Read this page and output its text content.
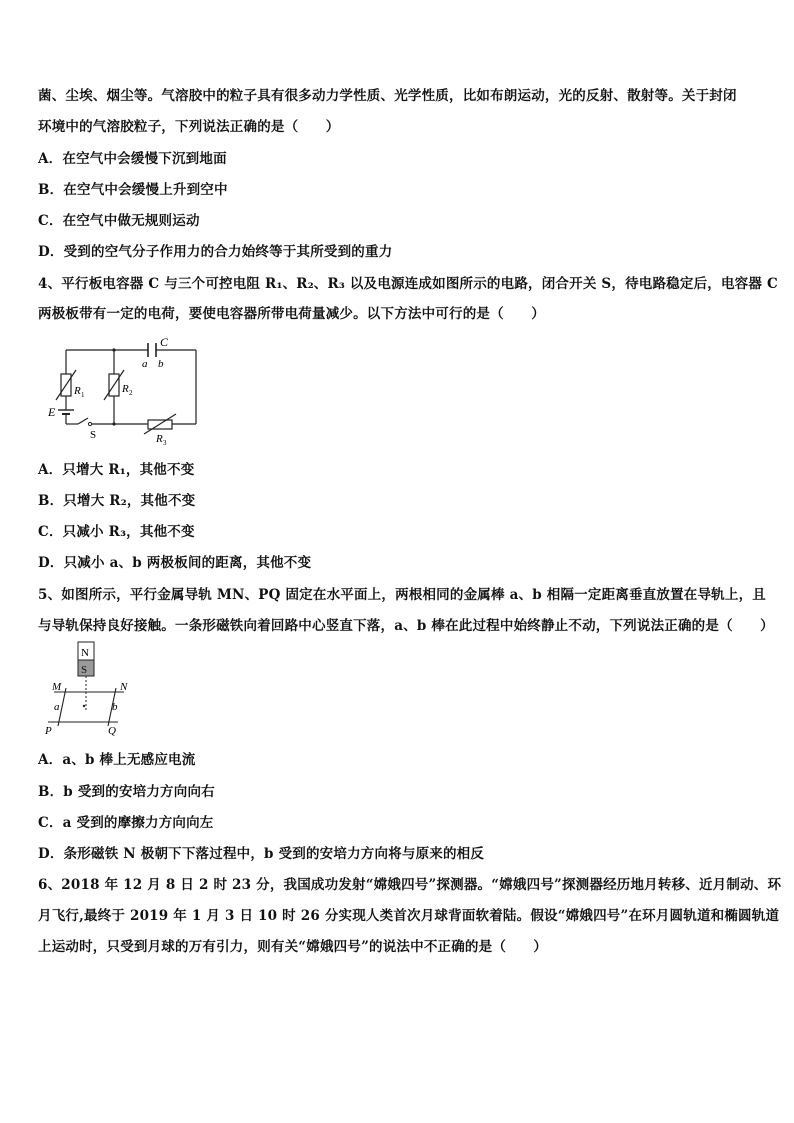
菌、尘埃、烟尘等。气溶胶中的粒子具有很多动力学性质、光学性质，比如布朗运动，光的反射、散射等。关于封闭
环境中的气溶胶粒子，下列说法正确的是（　　）
A．在空气中会缓慢下沉到地面
B．在空气中会缓慢上升到空中
C．在空气中做无规则运动
D．受到的空气分子作用力的合力始终等于其所受到的重力
4、平行板电容器 C 与三个可控电阻 R₁、R₂、R₃ 以及电源连成如图所示的电路，闭合开关 S，待电路稳定后，电容器 C
两极板带有一定的电荷，要使电容器所带电荷量减少。以下方法中可行的是（　　）
C
a b
R 1	R 2
E
S	R 3
A．只增大 R₁，其他不变
B．只增大 R₂，其他不变
C．只减小 R₃，其他不变
D．只减小 a、b 两极板间的距离，其他不变
5、如图所示，平行金属导轨 MN、PQ 固定在水平面上，两根相同的金属棒 a、b 相隔一定距离垂直放置在导轨上，且
与导轨保持良好接触。一条形磁铁向着回路中心竖直下落，a、b 棒在此过程中始终静止不动，下列说法正确的是（　　）
N
S
M	N
P	Q
a	b
A．a、b 棒上无感应电流
B．b 受到的安培力方向向右
C．a 受到的摩擦力方向向左
D．条形磁铁 N 极朝下下落过程中，b 受到的安培力方向将与原来的相反
6、2018 年 12 月 8 日 2 时 23 分，我国成功发射“嫦娥四号”探测器。“嫦娥四号”探测器经历地月转移、近月制动、环
月飞行,最终于 2019 年 1 月 3 日 10 时 26 分实现人类首次月球背面软着陆。假设“嫦娥四号”在环月圆轨道和椭圆轨道
上运动时，只受到月球的万有引力，则有关“嫦娥四号”的说法中不正确的是（　　）
